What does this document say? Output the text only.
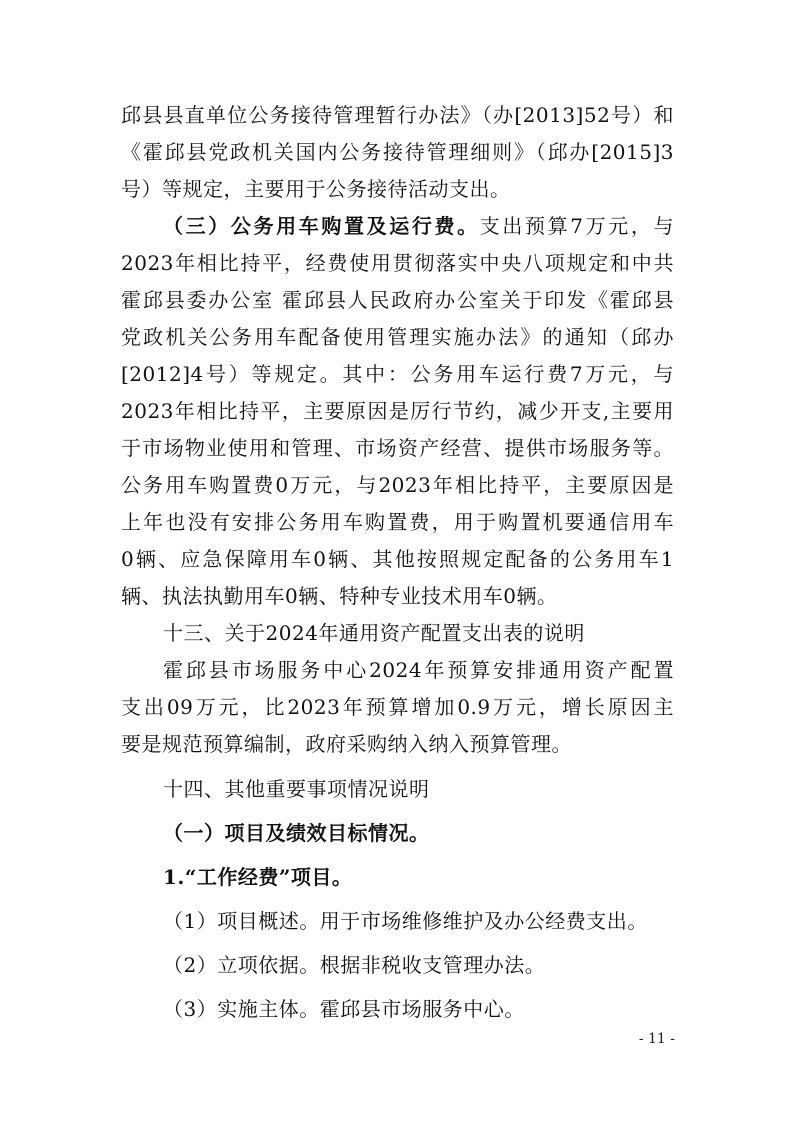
邱县县直单位公务接待管理暂行办法》（办[2013]52号）和
《霍邱县党政机关国内公务接待管理细则》（邱办[2015]3
号）等规定，主要用于公务接待活动支出。
（三）公务用车购置及运行费。支出预算7万元，与
2023年相比持平，经费使用贯彻落实中央八项规定和中共
霍邱县委办公室 霍邱县人民政府办公室关于印发《霍邱县
党政机关公务用车配备使用管理实施办法》的通知（邱办
[2012]4号）等规定。其中：公务用车运行费7万元，与
2023年相比持平，主要原因是厉行节约，减少开支,主要用
于市场物业使用和管理、市场资产经营、提供市场服务等。
公务用车购置费0万元，与2023年相比持平，主要原因是
上年也没有安排公务用车购置费，用于购置机要通信用车
0辆、应急保障用车0辆、其他按照规定配备的公务用车1
辆、执法执勤用车0辆、特种专业技术用车0辆。
十三、关于2024年通用资产配置支出表的说明
霍邱县市场服务中心2024年预算安排通用资产配置
支出09万元，比2023年预算增加0.9万元，增长原因主
要是规范预算编制，政府采购纳入纳入预算管理。
十四、其他重要事项情况说明
（一）项目及绩效目标情况。
1.“工作经费”项目。
（1）项目概述。用于市场维修维护及办公经费支出。
（2）立项依据。根据非税收支管理办法。
（3）实施主体。霍邱县市场服务中心。
- 11 -
